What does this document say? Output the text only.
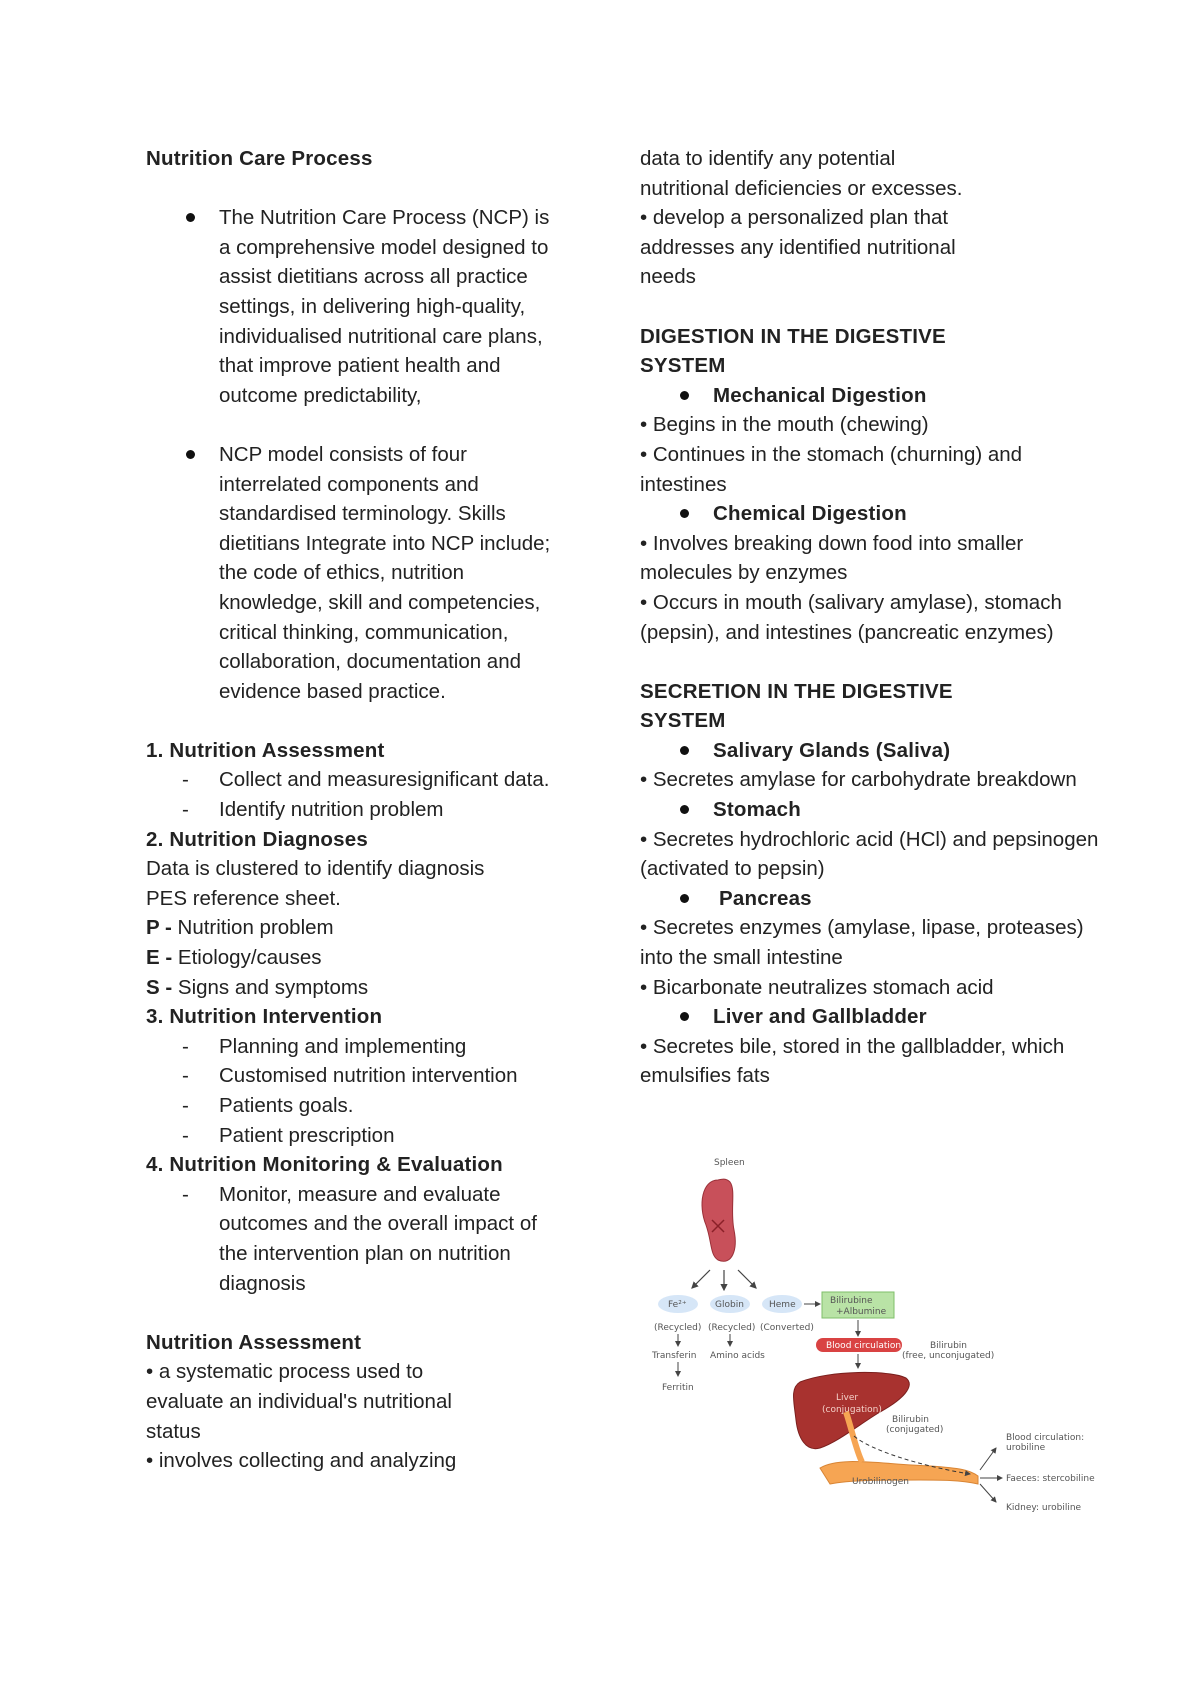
Nutrition Care Process

The Nutrition Care Process (NCP) is a comprehensive model designed to assist dietitians across all practice settings, in delivering high-quality, individualised nutritional care plans, that improve patient health and outcome predictability,

NCP model consists of four interrelated components and standardised terminology. Skills dietitians Integrate into NCP include; the code of ethics, nutrition knowledge, skill and competencies, critical thinking, communication, collaboration, documentation and evidence based practice.

1. Nutrition Assessment

- Collect and measuresignificant data.

- Identify nutrition problem

2. Nutrition Diagnoses

Data is clustered to identify diagnosis

PES reference sheet.

P - Nutrition problem

E - Etiology/causes

S - Signs and symptoms

3. Nutrition Intervention

- Planning and implementing

- Customised nutrition intervention

- Patients goals.

- Patient prescription

4. Nutrition Monitoring & Evaluation

- Monitor, measure and evaluate outcomes and the overall impact of the intervention plan on nutrition diagnosis

Nutrition Assessment

• a systematic process used to

evaluate an individual's nutritional

status

• involves collecting and analyzing

data to identify any potential

nutritional deficiencies or excesses.

• develop a personalized plan that

addresses any identified nutritional

needs

DIGESTION IN THE DIGESTIVE SYSTEM

Mechanical Digestion

• Begins in the mouth (chewing)

• Continues in the stomach (churning) and intestines

Chemical Digestion

• Involves breaking down food into smaller molecules by enzymes

• Occurs in mouth (salivary amylase), stomach (pepsin), and intestines (pancreatic enzymes)

SECRETION IN THE DIGESTIVE SYSTEM

Salivary Glands (Saliva)

• Secretes amylase for carbohydrate breakdown

Stomach

• Secretes hydrochloric acid (HCl) and pepsinogen (activated to pepsin)

Pancreas

• Secretes enzymes (amylase, lipase, proteases) into the small intestine

• Bicarbonate neutralizes stomach acid

Liver and Gallbladder

• Secretes bile, stored in the gallbladder, which emulsifies fats

Spleen
Fe²⁺	Globin	Heme	Bilirubine
+Albumine
(Recycled) (Recycled) (Converted)
Transferin Amino acids
Ferritin
Blood circulation	Bilirubin
(free, unconjugated)
Liver
(conjugation)
Bilirubin
(conjugated)
Urobilinogen
Blood circulation:
urobiline
Faeces: stercobiline
Kidney: urobiline
